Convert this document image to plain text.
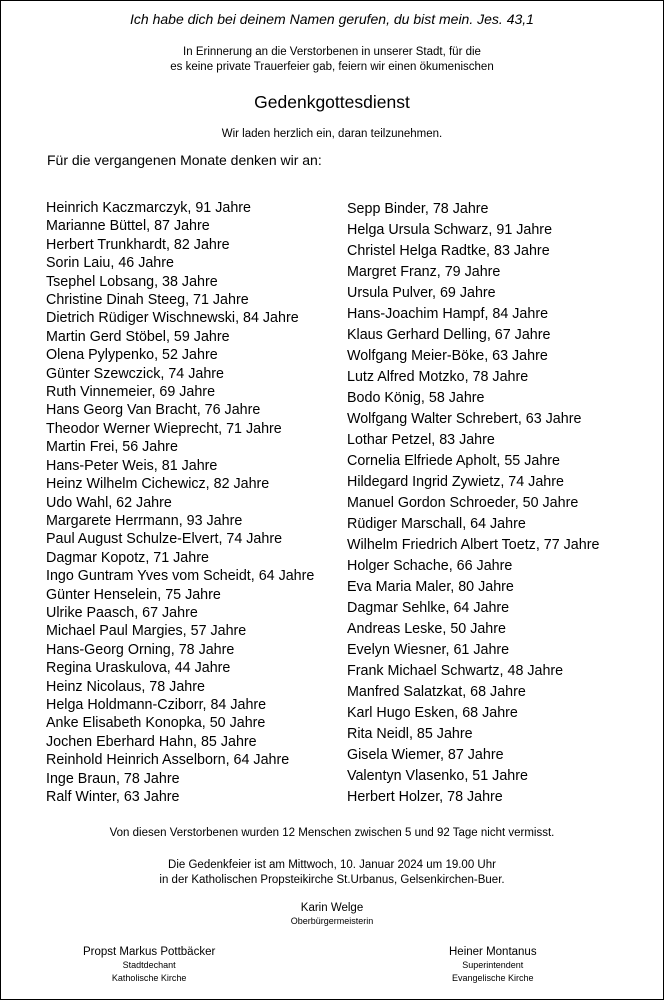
Ich habe dich bei deinem Namen gerufen, du bist mein. Jes. 43,1
In Erinnerung an die Verstorbenen in unserer Stadt, für die
es keine private Trauerfeier gab, feiern wir einen ökumenischen
Gedenkgottesdienst
Wir laden herzlich ein, daran teilzunehmen.
Für die vergangenen Monate denken wir an:
Heinrich Kaczmarczyk, 91 Jahre
Marianne Büttel, 87 Jahre
Herbert Trunkhardt, 82 Jahre
Sorin Laiu, 46 Jahre
Tsephel Lobsang, 38 Jahre
Christine Dinah Steeg, 71 Jahre
Dietrich Rüdiger Wischnewski, 84 Jahre
Martin Gerd Stöbel, 59 Jahre
Olena Pylypenko, 52 Jahre
Günter Szewczick, 74 Jahre
Ruth Vinnemeier, 69 Jahre
Hans Georg Van Bracht, 76 Jahre
Theodor Werner Wieprecht, 71 Jahre
Martin Frei, 56 Jahre
Hans-Peter Weis, 81 Jahre
Heinz Wilhelm Cichewicz, 82 Jahre
Udo Wahl, 62 Jahre
Margarete Herrmann, 93 Jahre
Paul August Schulze-Elvert, 74 Jahre
Dagmar Kopotz, 71 Jahre
Ingo Guntram Yves vom Scheidt, 64 Jahre
Günter Henselein, 75 Jahre
Ulrike Paasch, 67 Jahre
Michael Paul Margies, 57 Jahre
Hans-Georg Orning, 78 Jahre
Regina Uraskulova, 44 Jahre
Heinz Nicolaus, 78 Jahre
Helga Holdmann-Cziborr, 84 Jahre
Anke Elisabeth Konopka, 50 Jahre
Jochen Eberhard Hahn, 85 Jahre
Reinhold Heinrich Asselborn, 64 Jahre
Inge Braun, 78 Jahre
Ralf Winter, 63 Jahre
Sepp Binder, 78 Jahre
Helga Ursula Schwarz, 91 Jahre
Christel Helga Radtke, 83 Jahre
Margret Franz, 79 Jahre
Ursula Pulver, 69 Jahre
Hans-Joachim Hampf, 84 Jahre
Klaus Gerhard Delling, 67 Jahre
Wolfgang Meier-Böke, 63 Jahre
Lutz Alfred Motzko, 78 Jahre
Bodo König, 58 Jahre
Wolfgang Walter Schrebert, 63 Jahre
Lothar Petzel, 83 Jahre
Cornelia Elfriede Apholt, 55 Jahre
Hildegard Ingrid Zywietz, 74 Jahre
Manuel Gordon Schroeder, 50 Jahre
Rüdiger Marschall, 64 Jahre
Wilhelm Friedrich Albert Toetz, 77 Jahre
Holger Schache, 66 Jahre
Eva Maria Maler, 80 Jahre
Dagmar Sehlke, 64 Jahre
Andreas Leske, 50 Jahre
Evelyn Wiesner, 61 Jahre
Frank Michael Schwartz, 48 Jahre
Manfred Salatzkat, 68 Jahre
Karl Hugo Esken, 68 Jahre
Rita Neidl, 85 Jahre
Gisela Wiemer, 87 Jahre
Valentyn Vlasenko, 51 Jahre
Herbert Holzer, 78 Jahre
Von diesen Verstorbenen wurden 12 Menschen zwischen 5 und 92 Tage nicht vermisst.
Die Gedenkfeier ist am Mittwoch, 10. Januar 2024 um 19.00 Uhr
in der Katholischen Propsteikirche St.Urbanus, Gelsenkirchen-Buer.
Karin Welge
Oberbürgermeisterin
Propst Markus Pottbäcker
Stadtdechant
Katholische Kirche
Heiner Montanus
Superintendent
Evangelische Kirche
